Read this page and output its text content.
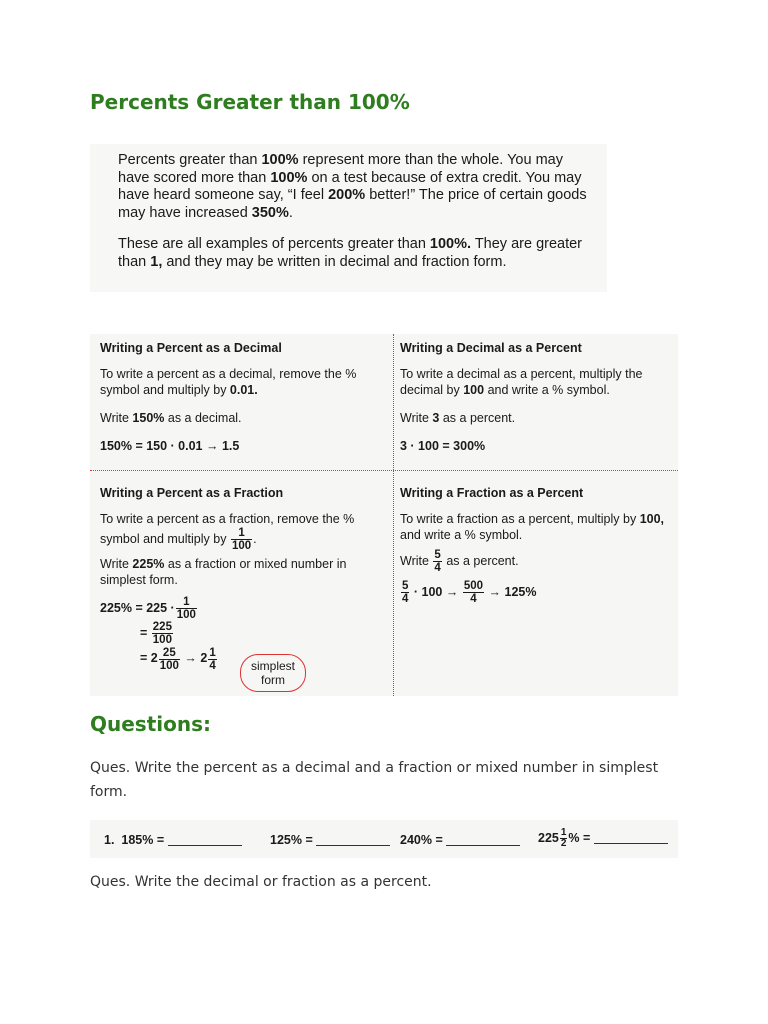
Percents Greater than 100%

Percents greater than 100% represent more than the whole. You may have scored more than 100% on a test because of extra credit. You may have heard someone say, “I feel 200% better!” The price of certain goods may have increased 350%.

These are all examples of percents greater than 100%. They are greater than 1, and they may be written in decimal and fraction form.

Writing a Percent as a Decimal

To write a percent as a decimal, remove the % symbol and multiply by 0.01.

Write 150% as a decimal.

150% = 150 · 0.01 → 1.5

Writing a Decimal as a Percent

To write a decimal as a percent, multiply the decimal by 100 and write a % symbol.

Write 3 as a percent.

3 · 100 = 300%

Writing a Percent as a Fraction

To write a percent as a fraction, remove the %
symbol and multiply by $\frac{1}{100}$ .

Write 225% as a fraction or mixed number in simplest form.

$225\% = 225 \cdot \frac{1}{100}$
= $\frac{225}{100}$
= $2 \frac{25}{100} \to 2 \frac{1}{4}$	simplest form
Writing a Fraction as a Percent

To write a fraction as a percent, multiply by 100, and write a % symbol.

Write $\frac{5}{4}$ as a percent.

$\frac{5}{4} \cdot 100 \to \frac{500}{4} \to 125\%$
Questions:
Ques. Write the percent as a decimal and a fraction or mixed number in simplest form.
1. 185% =	125% =	240% =	$225 \frac{1}{2}$ % =
Ques. Write the decimal or fraction as a percent.
